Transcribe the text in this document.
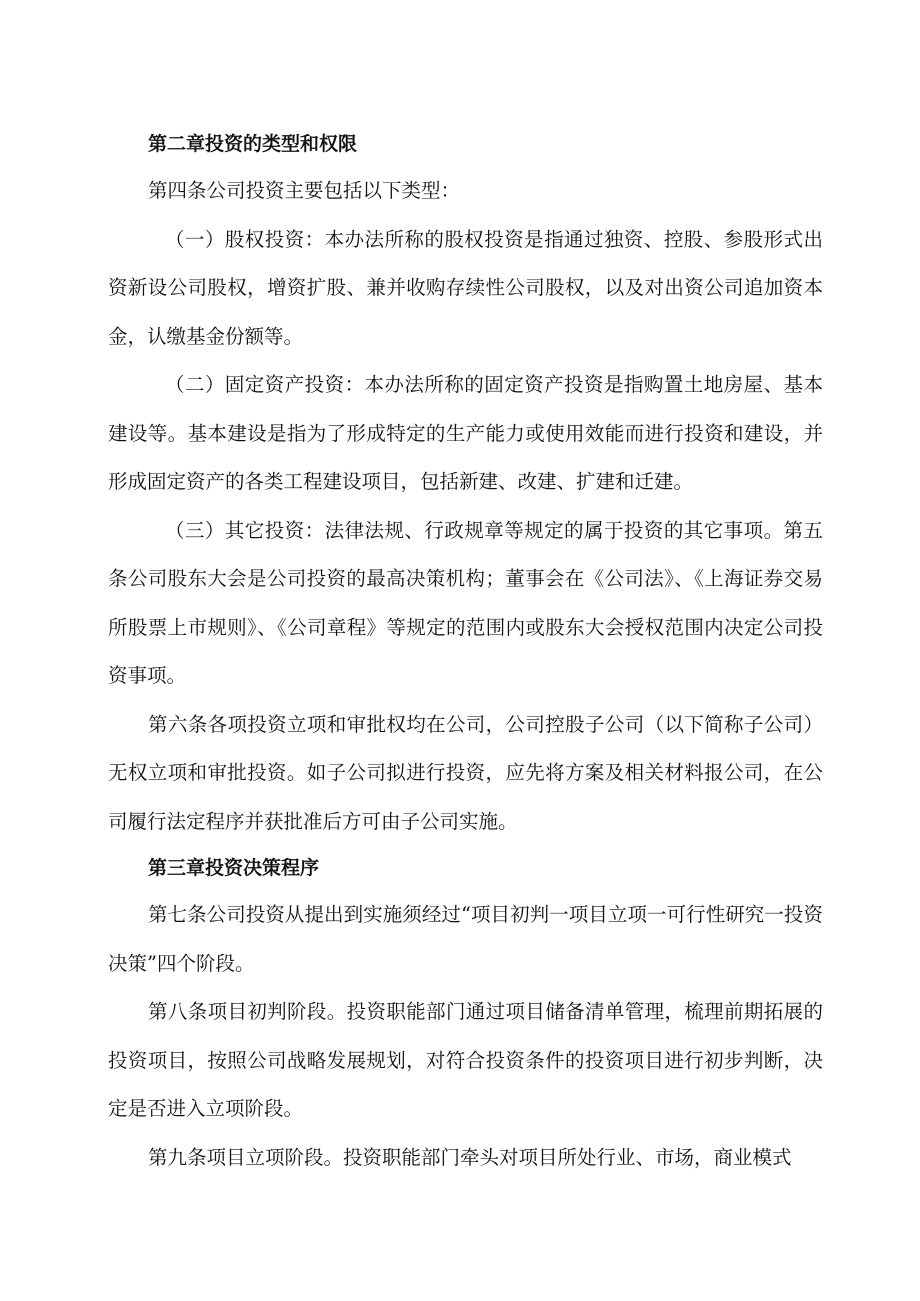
第二章投资的类型和权限

第四条公司投资主要包括以下类型：

（一）股权投资：本办法所称的股权投资是指通过独资、控股、参股形式出资新设公司股权，增资扩股、兼并收购存续性公司股权，以及对出资公司追加资本金，认缴基金份额等。

（二）固定资产投资：本办法所称的固定资产投资是指购置土地房屋、基本建设等。基本建设是指为了形成特定的生产能力或使用效能而进行投资和建设，并形成固定资产的各类工程建设项目，包括新建、改建、扩建和迁建。

（三）其它投资：法律法规、行政规章等规定的属于投资的其它事项。第五条公司股东大会是公司投资的最高决策机构；董事会在《公司法》、《上海证券交易所股票上市规则》、《公司章程》等规定的范围内或股东大会授权范围内决定公司投资事项。

第六条各项投资立项和审批权均在公司，公司控股子公司（以下简称子公司）无权立项和审批投资。如子公司拟进行投资，应先将方案及相关材料报公司，在公司履行法定程序并获批准后方可由子公司实施。

第三章投资决策程序

第七条公司投资从提出到实施须经过“项目初判一项目立项一可行性研究一投资决策”四个阶段。

第八条项目初判阶段。投资职能部门通过项目储备清单管理，梳理前期拓展的投资项目，按照公司战略发展规划，对符合投资条件的投资项目进行初步判断，决定是否进入立项阶段。

第九条项目立项阶段。投资职能部门牵头对项目所处行业、市场，商业模式
